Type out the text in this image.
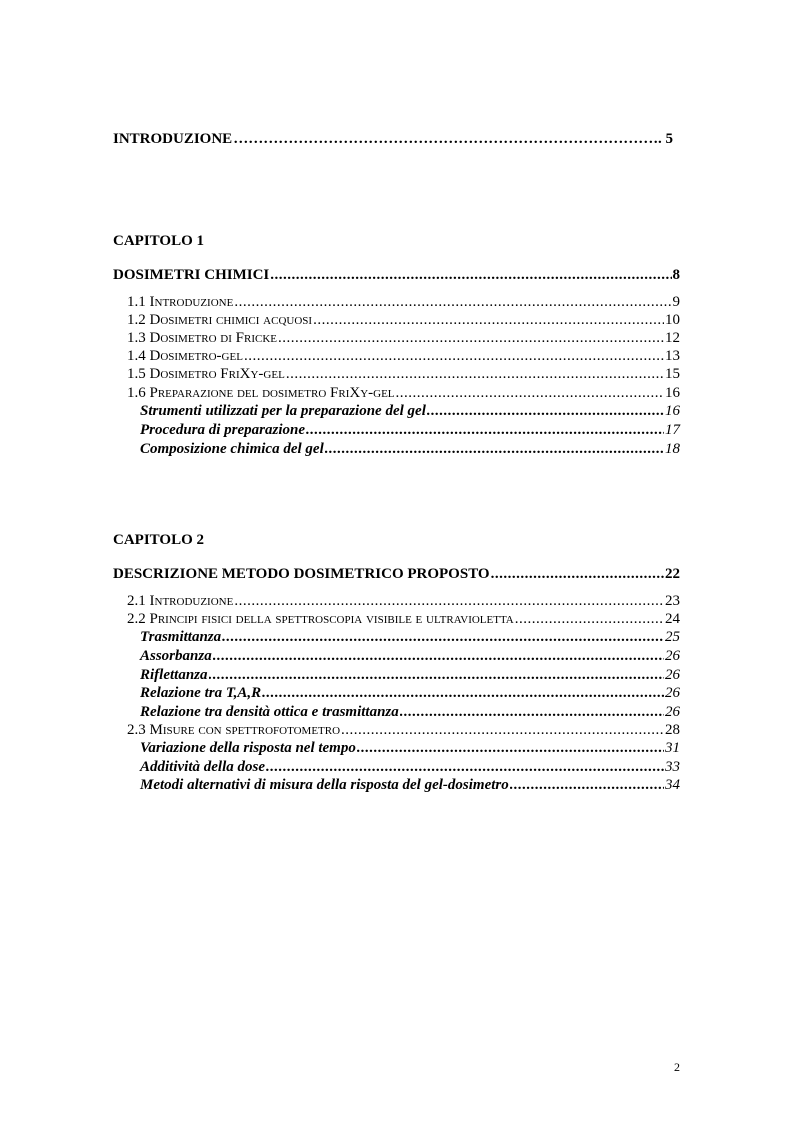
INTRODUZIONE …………………………………………………………………………………………………………………………………………	. 5
CAPITOLO 1
DOSIMETRI CHIMICI .....	8
1.1 Introduzione .....	9
1.2 Dosimetri chimici acquosi .....	10
1.3 Dosimetro di Fricke .....	12
1.4 Dosimetro-gel .....	13
1.5 Dosimetro FriXy-gel .....	15
1.6 Preparazione del dosimetro FriXy-gel .....	16
Strumenti utilizzati per la preparazione del gel .....	16
Procedura di preparazione .....	17
Composizione chimica del gel .....	18
CAPITOLO 2
DESCRIZIONE METODO DOSIMETRICO PROPOSTO .....	22
2.1 Introduzione .....	23
2.2 Principi fisici della spettroscopia visibile e ultravioletta .....	24
Trasmittanza .....	25
Assorbanza .....	26
Riflettanza .....	26
Relazione tra T,A,R .....	26
Relazione tra densità ottica e trasmittanza .....	26
2.3 Misure con spettrofotometro .....	28
Variazione della risposta nel tempo .....	31
Additività della dose .....	33
Metodi alternativi di misura della risposta del gel-dosimetro .....	34
2
